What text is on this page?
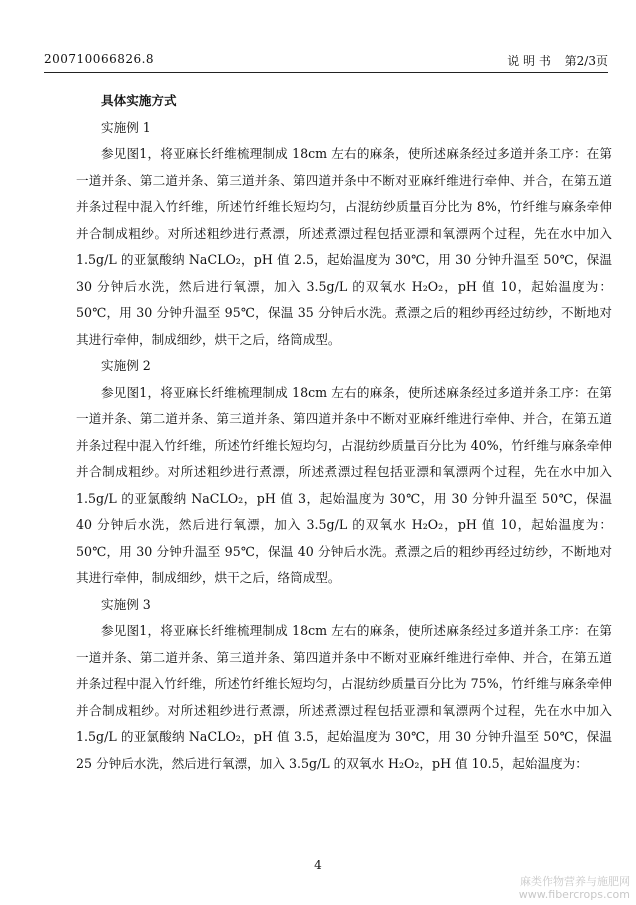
200710066826.8	说 明 书 第2/3页

具体实施方式

实施例 1

参见图1，将亚麻长纤维梳理制成 18cm 左右的麻条，使所述麻条经过多道并条工序：在第一道并条、第二道并条、第三道并条、第四道并条中不断对亚麻纤维进行牵伸、并合，在第五道并条过程中混入竹纤维，所述竹纤维长短均匀，占混纺纱质量百分比为 8%，竹纤维与麻条牵伸并合制成粗纱。对所述粗纱进行煮漂，所述煮漂过程包括亚漂和氧漂两个过程，先在水中加入 1.5g/L 的亚氯酸纳 NaCLO₂，pH 值 2.5，起始温度为 30℃，用 30 分钟升温至 50℃，保温 30 分钟后水洗，然后进行氧漂，加入 3.5g/L 的双氧水 H₂O₂，pH 值 10，起始温度为：50℃，用 30 分钟升温至 95℃，保温 35 分钟后水洗。煮漂之后的粗纱再经过纺纱，不断地对其进行牵伸，制成细纱，烘干之后，络筒成型。

实施例 2

参见图1，将亚麻长纤维梳理制成 18cm 左右的麻条，使所述麻条经过多道并条工序：在第一道并条、第二道并条、第三道并条、第四道并条中不断对亚麻纤维进行牵伸、并合，在第五道并条过程中混入竹纤维，所述竹纤维长短均匀，占混纺纱质量百分比为 40%，竹纤维与麻条牵伸并合制成粗纱。对所述粗纱进行煮漂，所述煮漂过程包括亚漂和氧漂两个过程，先在水中加入 1.5g/L 的亚氯酸纳 NaCLO₂，pH 值 3，起始温度为 30℃，用 30 分钟升温至 50℃，保温 40 分钟后水洗，然后进行氧漂，加入 3.5g/L 的双氧水 H₂O₂，pH 值 10，起始温度为：50℃，用 30 分钟升温至 95℃，保温 40 分钟后水洗。煮漂之后的粗纱再经过纺纱，不断地对其进行牵伸，制成细纱，烘干之后，络筒成型。

实施例 3

参见图1，将亚麻长纤维梳理制成 18cm 左右的麻条，使所述麻条经过多道并条工序：在第一道并条、第二道并条、第三道并条、第四道并条中不断对亚麻纤维进行牵伸、并合，在第五道并条过程中混入竹纤维，所述竹纤维长短均匀，占混纺纱质量百分比为 75%，竹纤维与麻条牵伸并合制成粗纱。对所述粗纱进行煮漂，所述煮漂过程包括亚漂和氧漂两个过程，先在水中加入 1.5g/L 的亚氯酸纳 NaCLO₂，pH 值 3.5，起始温度为 30℃，用 30 分钟升温至 50℃，保温 25 分钟后水洗，然后进行氧漂，加入 3.5g/L 的双氧水 H₂O₂，pH 值 10.5，起始温度为：

4
麻类作物营养与施肥网
www.fibercrops.com
